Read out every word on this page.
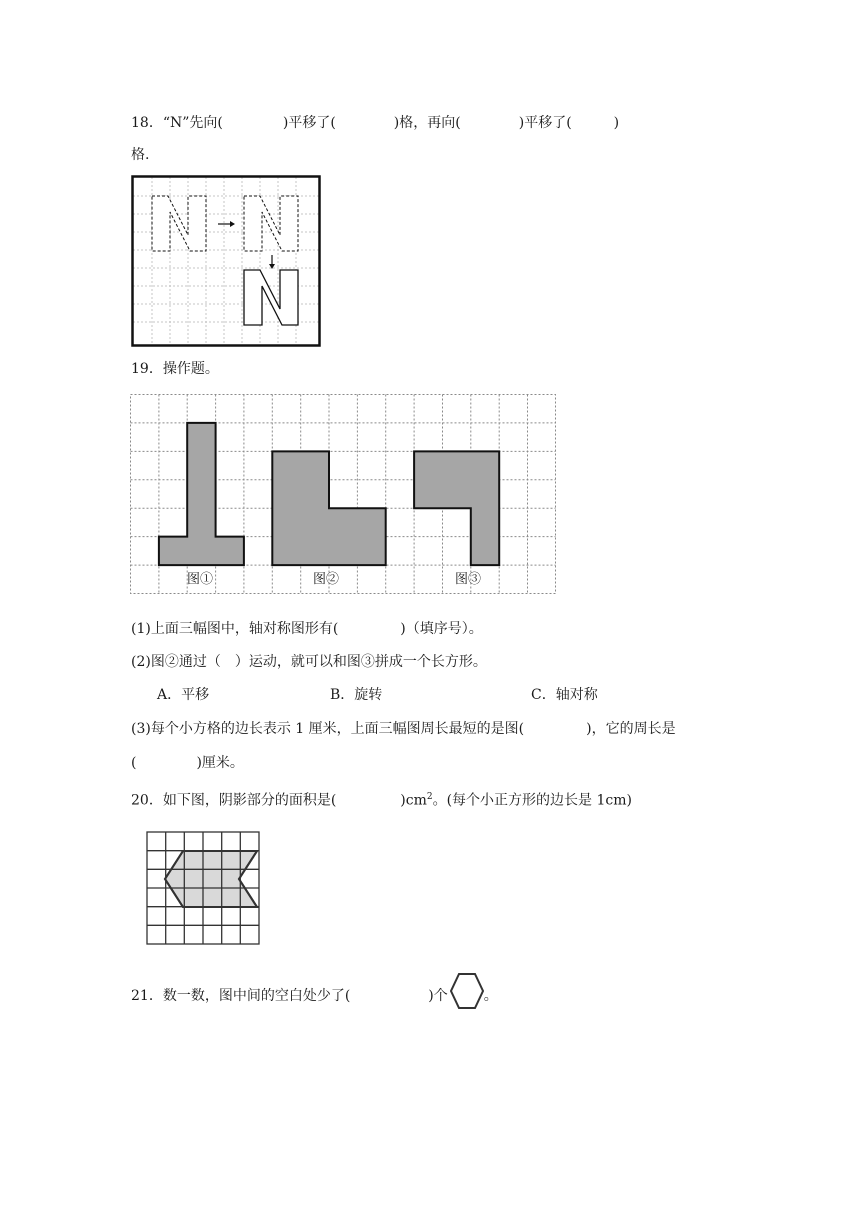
18．“N”先向(	)平移了(	)格，再向(	)平移了(	)
格.
19．操作题。
图①	图②	图③
(1)上面三幅图中，轴对称图形有(	)（填序号）。
(2)图②通过（　）运动，就可以和图③拼成一个长方形。
A．平移	B．旋转	C．轴对称
(3)每个小方格的边长表示 1 厘米，上面三幅图周长最短的是图(	)，它的周长是
(	)厘米。
20．如下图，阴影部分的面积是(	)$cm^2$。(每个小正方形的边长是 1cm)
21．数一数，图中间的空白处少了(	)个	。
